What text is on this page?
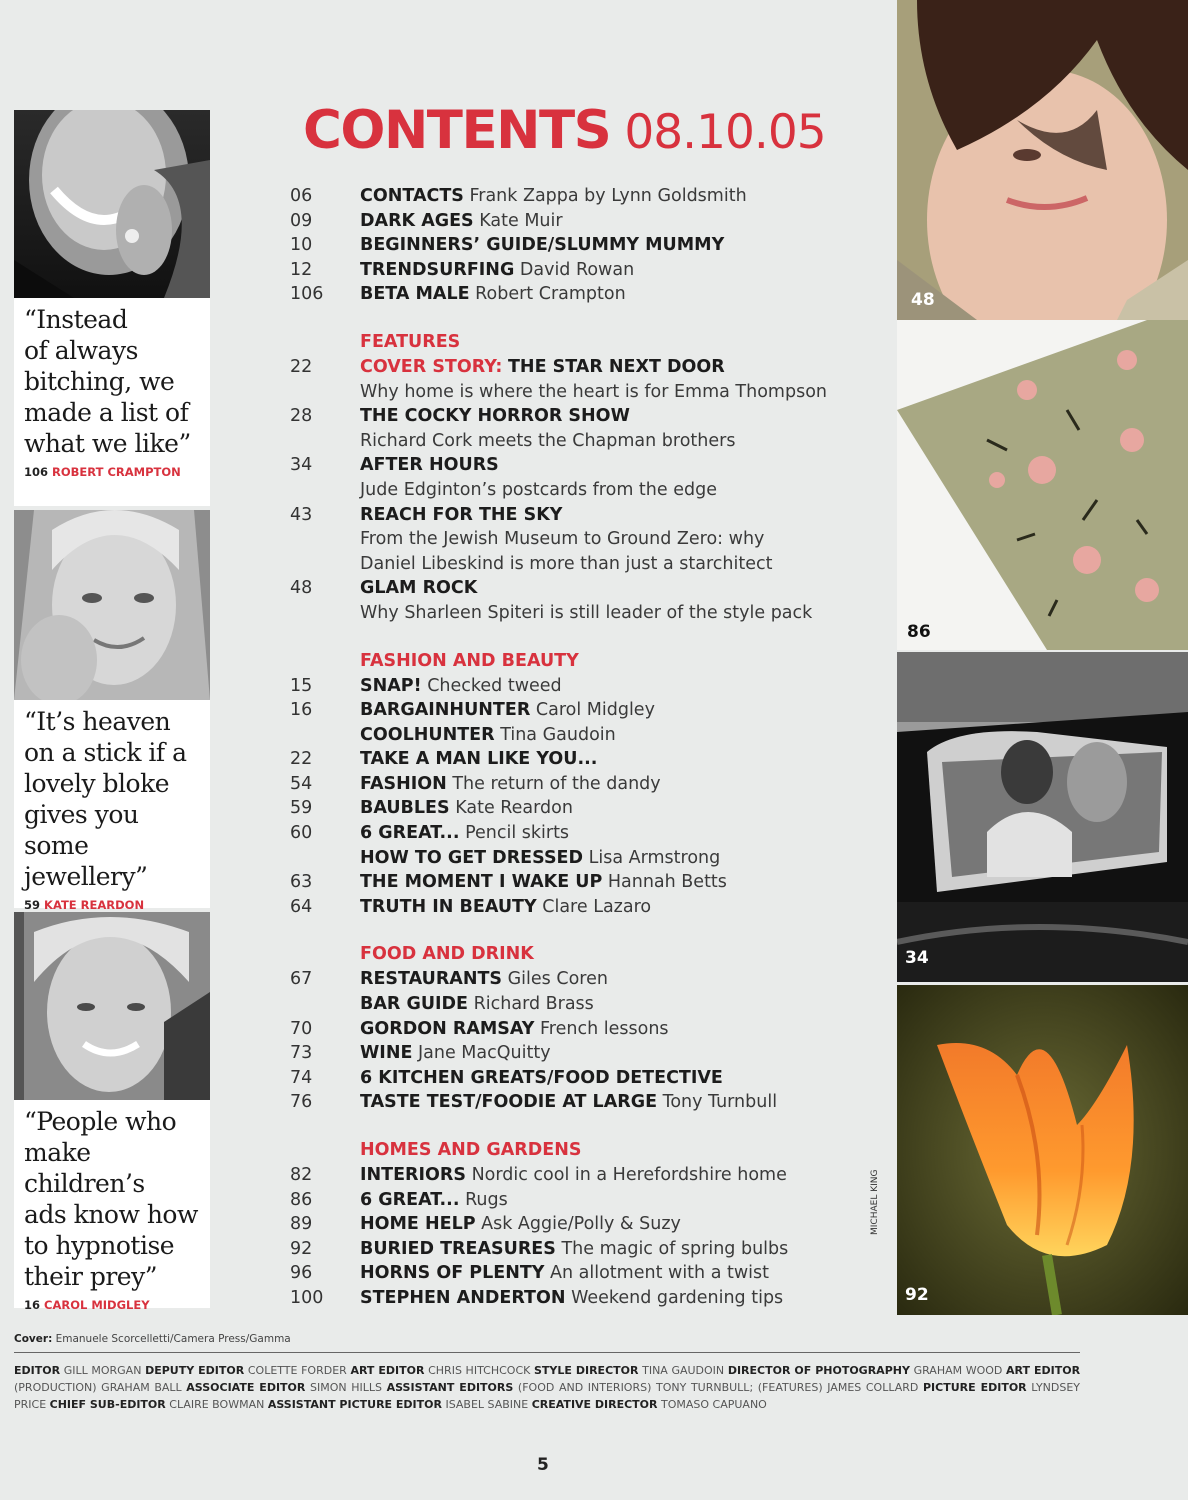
“Instead
of always
bitching, we
made a list of
what we like”
106 ROBERT CRAMPTON
“It’s heaven
on a stick if a
lovely bloke
gives you some
jewellery”
59 KATE REARDON
“People who
make children’s
ads know how
to hypnotise
their prey”
16 CAROL MIDGLEY
CONTENTS 08.10.05
06	CONTACTS Frank Zappa by Lynn Goldsmith
09	DARK AGES Kate Muir
10	BEGINNERS’ GUIDE/SLUMMY MUMMY
12	TRENDSURFING David Rowan
106	BETA MALE Robert Crampton
FEATURES
22	COVER STORY: THE STAR NEXT DOOR
Why home is where the heart is for Emma Thompson
28	THE COCKY HORROR SHOW
Richard Cork meets the Chapman brothers
34	AFTER HOURS
Jude Edginton’s postcards from the edge
43	REACH FOR THE SKY
From the Jewish Museum to Ground Zero: why
Daniel Libeskind is more than just a starchitect
48	GLAM ROCK
Why Sharleen Spiteri is still leader of the style pack
FASHION AND BEAUTY
15	SNAP! Checked tweed
16	BARGAINHUNTER Carol Midgley
COOLHUNTER Tina Gaudoin
22	TAKE A MAN LIKE YOU...
54	FASHION The return of the dandy
59	BAUBLES Kate Reardon
60	6 GREAT... Pencil skirts
HOW TO GET DRESSED Lisa Armstrong
63	THE MOMENT I WAKE UP Hannah Betts
64	TRUTH IN BEAUTY Clare Lazaro
FOOD AND DRINK
67	RESTAURANTS Giles Coren
BAR GUIDE Richard Brass
70	GORDON RAMSAY French lessons
73	WINE Jane MacQuitty
74	6 KITCHEN GREATS/FOOD DETECTIVE
76	TASTE TEST/FOODIE AT LARGE Tony Turnbull
HOMES AND GARDENS
82	INTERIORS Nordic cool in a Herefordshire home
86	6 GREAT... Rugs
89	HOME HELP Ask Aggie/Polly & Suzy
92	BURIED TREASURES The magic of spring bulbs
96	HORNS OF PLENTY An allotment with a twist
100	STEPHEN ANDERTON Weekend gardening tips
48
86
34
92
MICHAEL KING
Cover: Emanuele Scorcelletti/Camera Press/Gamma
EDITOR GILL MORGAN DEPUTY EDITOR COLETTE FORDER ART EDITOR CHRIS HITCHCOCK STYLE DIRECTOR TINA GAUDOIN DIRECTOR OF PHOTOGRAPHY GRAHAM WOOD ART EDITOR (PRODUCTION) GRAHAM BALL ASSOCIATE EDITOR SIMON HILLS ASSISTANT EDITORS (FOOD AND INTERIORS) TONY TURNBULL; (FEATURES) JAMES COLLARD PICTURE EDITOR LYNDSEY PRICE CHIEF SUB-EDITOR CLAIRE BOWMAN ASSISTANT PICTURE EDITOR ISABEL SABINE CREATIVE DIRECTOR TOMASO CAPUANO
5
